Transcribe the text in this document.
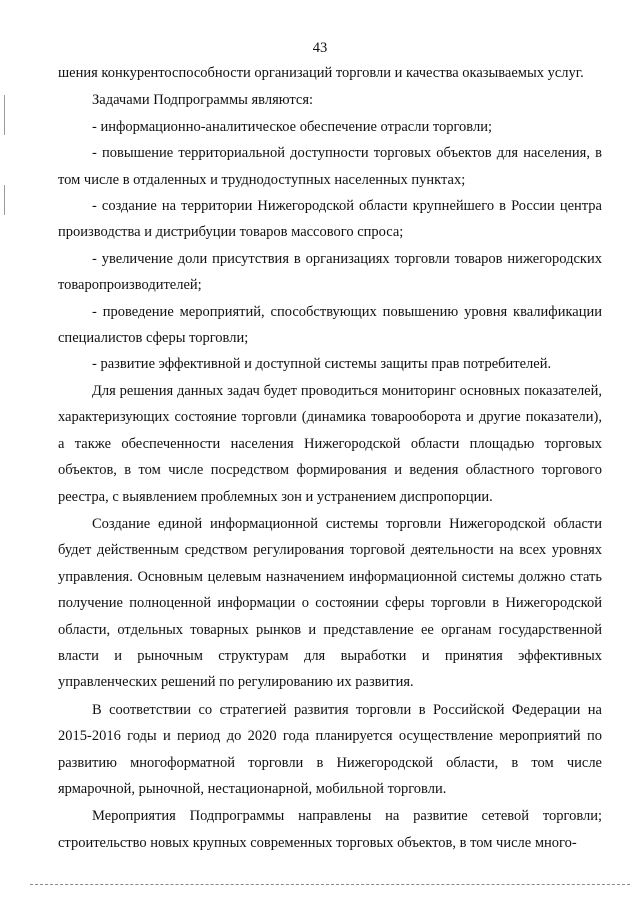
43

шения конкурентоспособности организаций торговли и качества оказываемых услуг.

Задачами Подпрограммы являются:

- информационно-аналитическое обеспечение отрасли торговли;

- повышение территориальной доступности торговых объектов для населения, в том числе в отдаленных и труднодоступных населенных пунктах;

- создание на территории Нижегородской области крупнейшего в России центра производства и дистрибуции товаров массового спроса;

- увеличение доли присутствия в организациях торговли товаров нижегородских товаропроизводителей;

- проведение мероприятий, способствующих повышению уровня квалификации специалистов сферы торговли;

- развитие эффективной и доступной системы защиты прав потребителей.

Для решения данных задач будет проводиться мониторинг основных показателей, характеризующих состояние торговли (динамика товарооборота и другие показатели), а также обеспеченности населения Нижегородской области площадью торговых объектов, в том числе посредством формирования и ведения областного торгового реестра, с выявлением проблемных зон и устранением диспропорции.

Создание единой информационной системы торговли Нижегородской области будет действенным средством регулирования торговой деятельности на всех уровнях управления. Основным целевым назначением информационной системы должно стать получение полноценной информации о состоянии сферы торговли в Нижегородской области, отдельных товарных рынков и представление ее органам государственной власти и рыночным структурам для выработки и принятия эффективных управленческих решений по регулированию их развития.

В соответствии со стратегией развития торговли в Российской Федерации на 2015-2016 годы и период до 2020 года планируется осуществление мероприятий по развитию многоформатной торговли в Нижегородской области, в том числе ярмарочной, рыночной, нестационарной, мобильной торговли.

Мероприятия Подпрограммы направлены на развитие сетевой торговли; строительство новых крупных современных торговых объектов, в том числе много-
